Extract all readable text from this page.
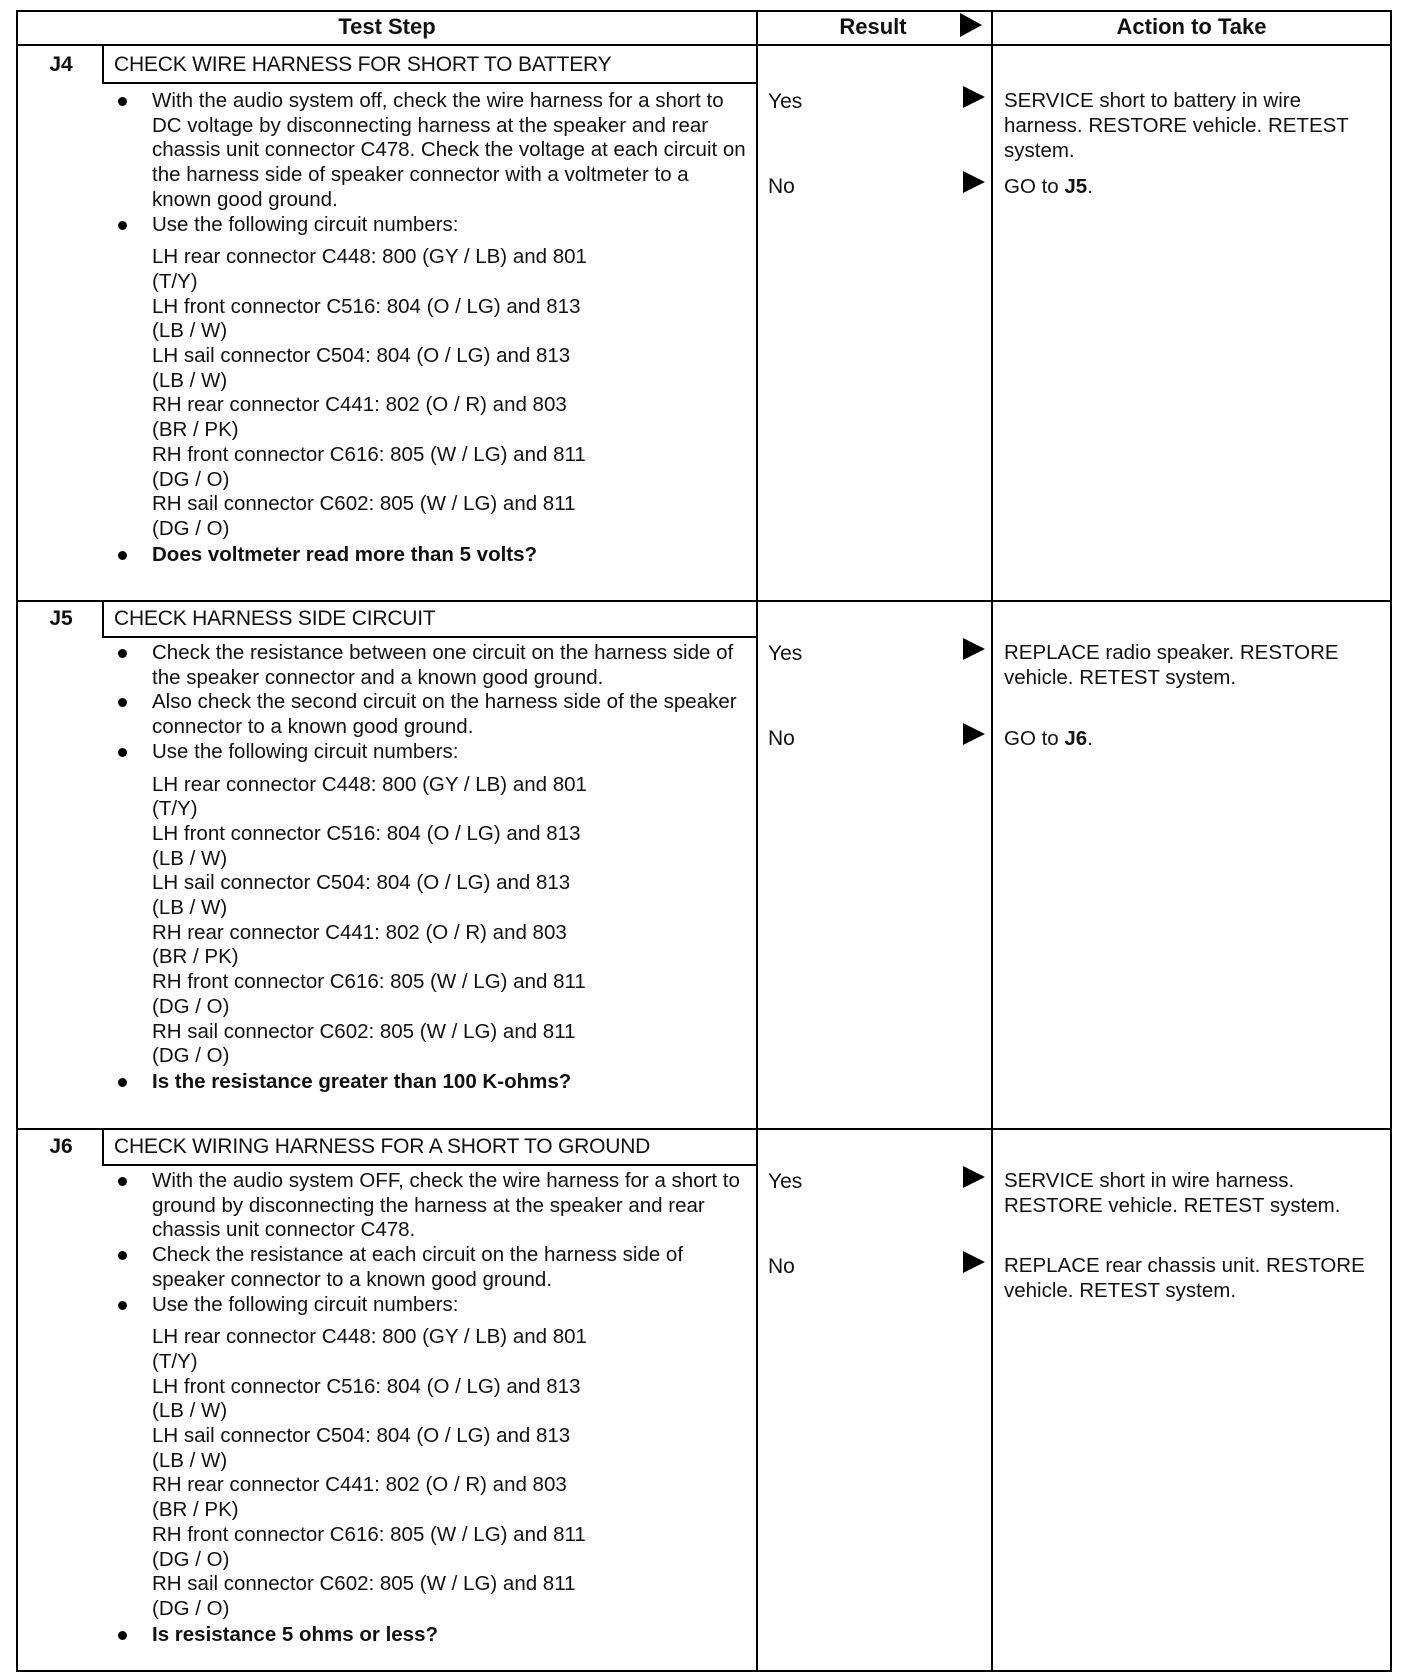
Test Step	Result	Action to Take
J4	CHECK WIRE HARNESS FOR SHORT TO BATTERY
With the audio system off, check the wire harness for a short to DC voltage by disconnecting harness at the speaker and rear chassis unit connector C478. Check the voltage at each circuit on the harness side of speaker connector with a voltmeter to a known good ground.
Use the following circuit numbers:
LH rear connector C448: 800 (GY / LB) and 801
(T/Y)
LH front connector C516: 804 (O / LG) and 813
(LB / W)
LH sail connector C504: 804 (O / LG) and 813
(LB / W)
RH rear connector C441: 802 (O / R) and 803
(BR / PK)
RH front connector C616: 805 (W / LG) and 811
(DG / O)
RH sail connector C602: 805 (W / LG) and 811
(DG / O)
Does voltmeter read more than 5 volts?
Yes	SERVICE short to battery in wire harness. RESTORE vehicle. RETEST system.
No	GO to J5.
J5	CHECK HARNESS SIDE CIRCUIT
Check the resistance between one circuit on the harness side of the speaker connector and a known good ground.
Also check the second circuit on the harness side of the speaker connector to a known good ground.
Use the following circuit numbers:
LH rear connector C448: 800 (GY / LB) and 801
(T/Y)
LH front connector C516: 804 (O / LG) and 813
(LB / W)
LH sail connector C504: 804 (O / LG) and 813
(LB / W)
RH rear connector C441: 802 (O / R) and 803
(BR / PK)
RH front connector C616: 805 (W / LG) and 811
(DG / O)
RH sail connector C602: 805 (W / LG) and 811
(DG / O)
Is the resistance greater than 100 K-ohms?
Yes	REPLACE radio speaker. RESTORE vehicle. RETEST system.
No	GO to J6.
J6	CHECK WIRING HARNESS FOR A SHORT TO GROUND
With the audio system OFF, check the wire harness for a short to ground by disconnecting the harness at the speaker and rear chassis unit connector C478.
Check the resistance at each circuit on the harness side of speaker connector to a known good ground.
Use the following circuit numbers:
LH rear connector C448: 800 (GY / LB) and 801
(T/Y)
LH front connector C516: 804 (O / LG) and 813
(LB / W)
LH sail connector C504: 804 (O / LG) and 813
(LB / W)
RH rear connector C441: 802 (O / R) and 803
(BR / PK)
RH front connector C616: 805 (W / LG) and 811
(DG / O)
RH sail connector C602: 805 (W / LG) and 811
(DG / O)
Is resistance 5 ohms or less?
Yes	SERVICE short in wire harness. RESTORE vehicle. RETEST system.
No	REPLACE rear chassis unit. RESTORE vehicle. RETEST system.
